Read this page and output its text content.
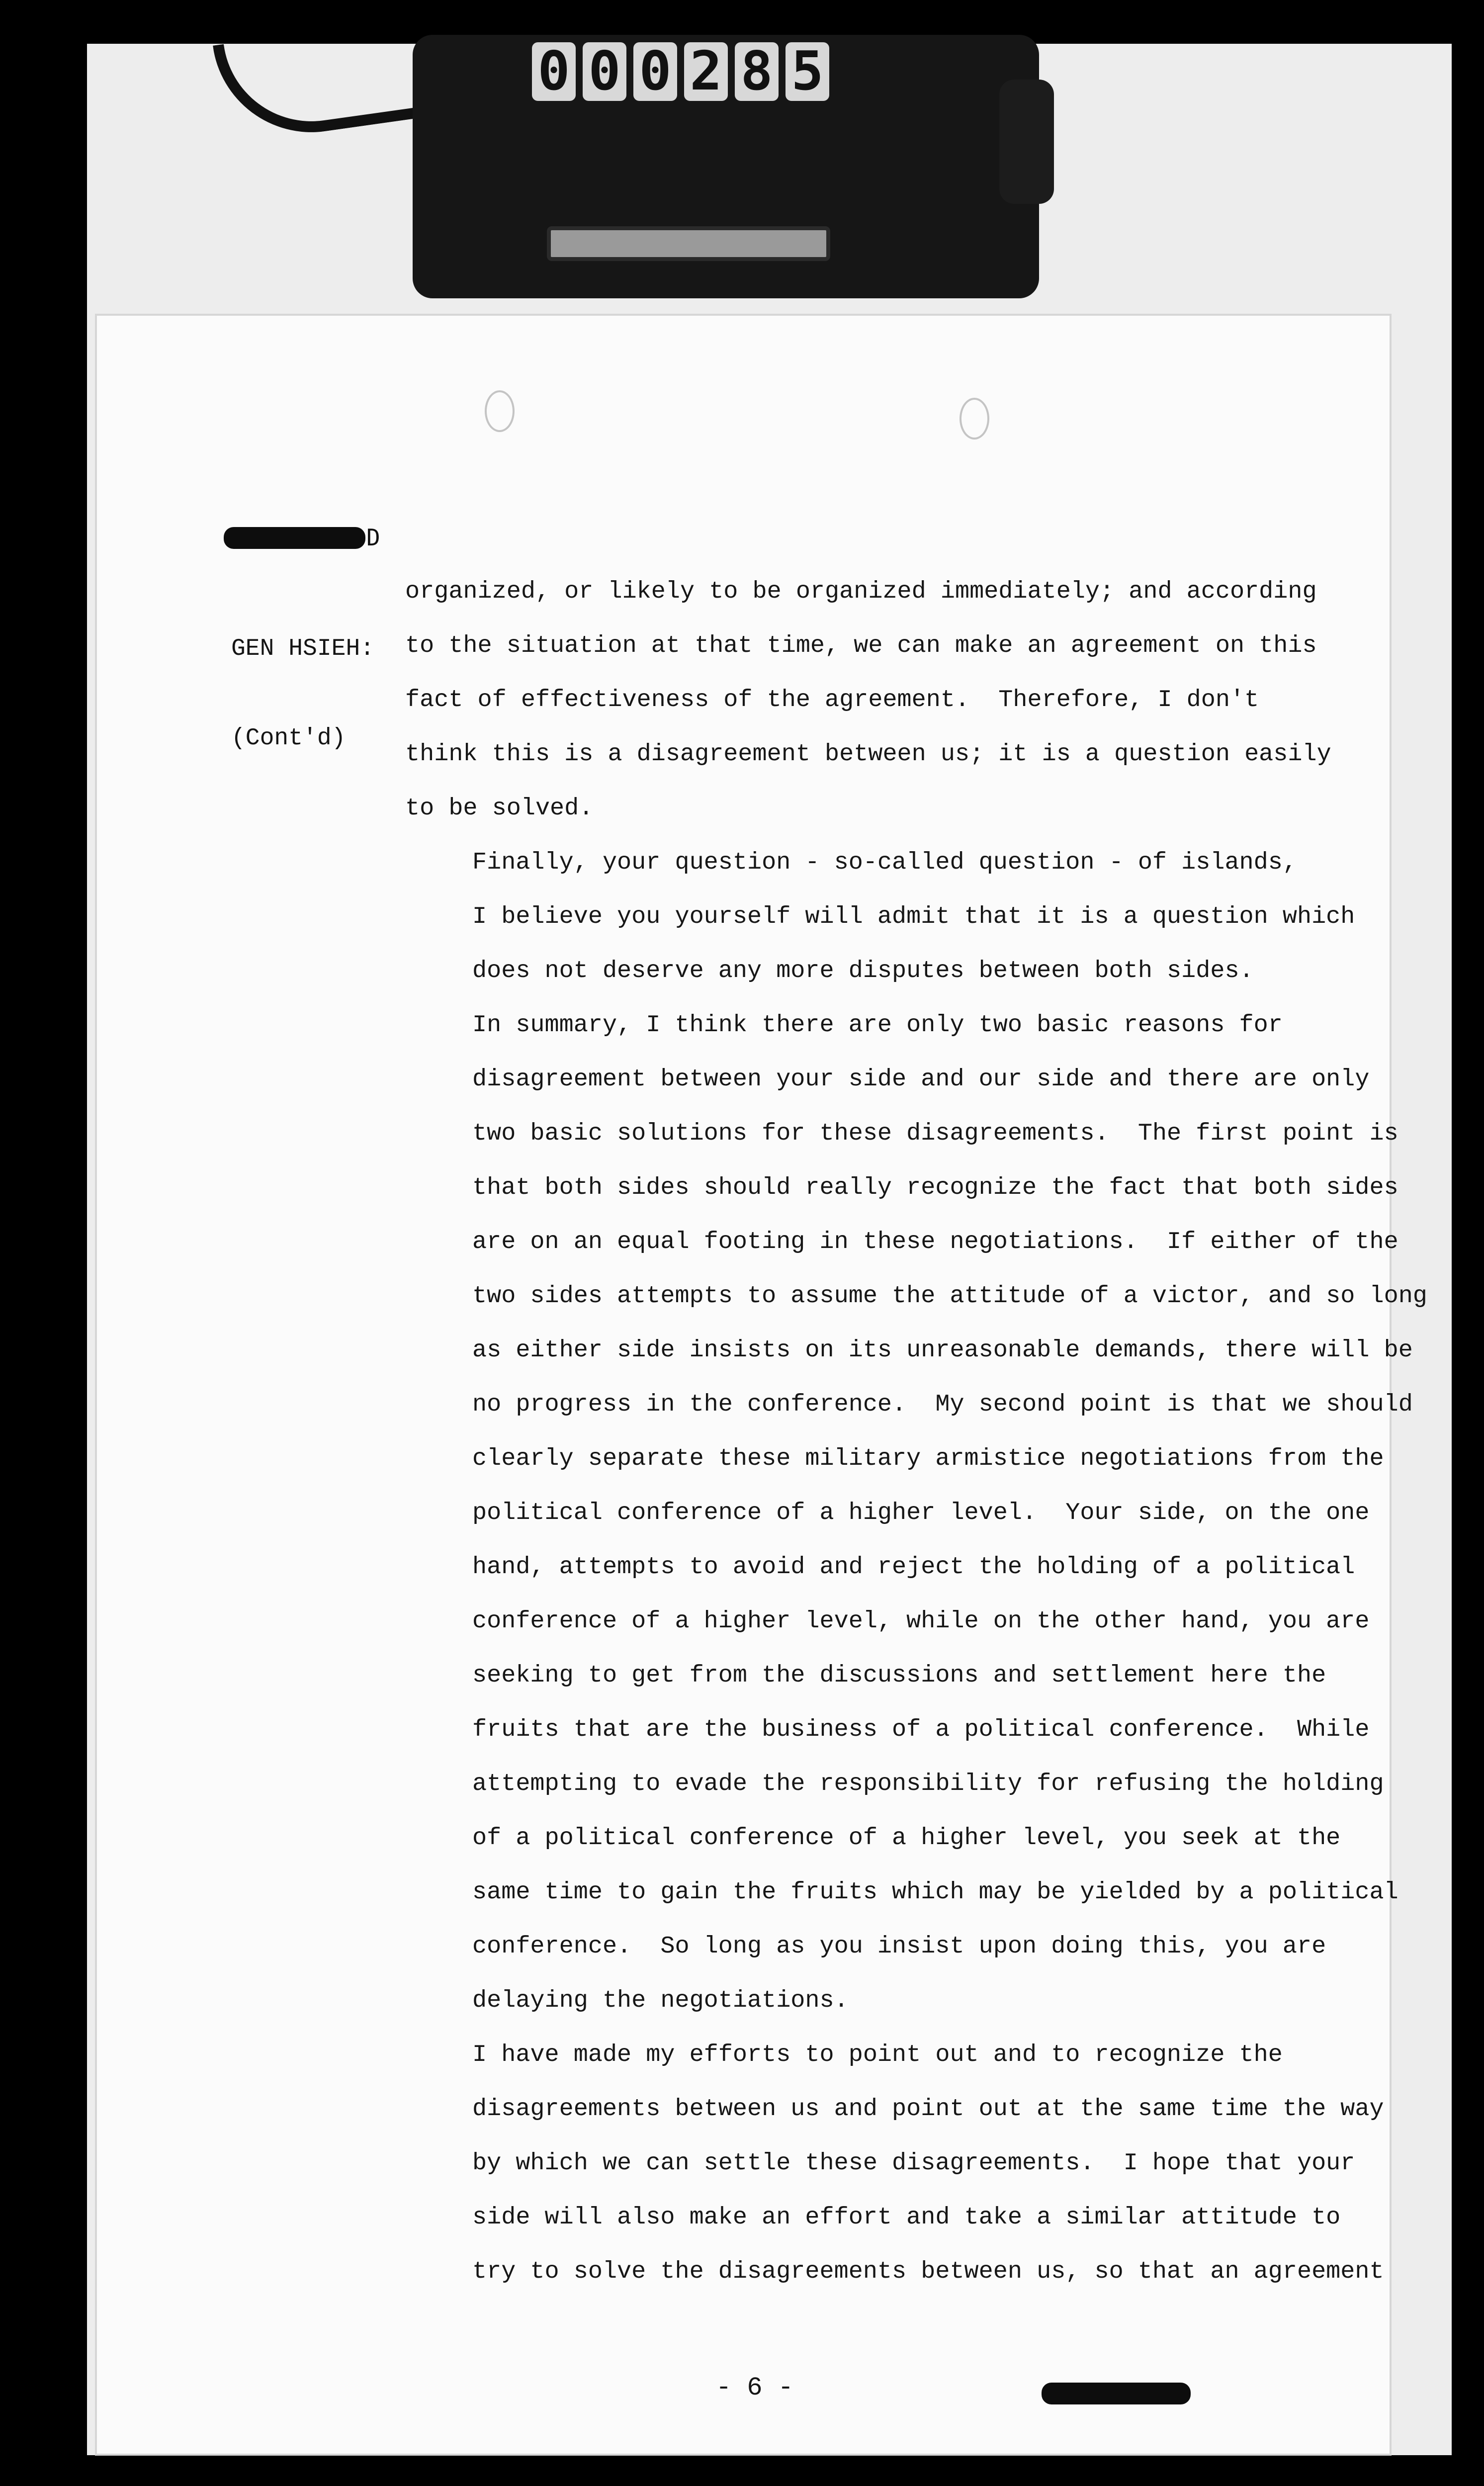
0 0 0 2 8 5
D

GEN HSIEH:

(Cont'd)

organized, or likely to be organized immediately; and according
to the situation at that time, we can make an agreement on this
fact of effectiveness of the agreement.  Therefore, I don't
think this is a disagreement between us; it is a question easily
to be solved.
Finally, your question - so-called question - of islands,
I believe you yourself will admit that it is a question which
does not deserve any more disputes between both sides.
In summary, I think there are only two basic reasons for
disagreement between your side and our side and there are only
two basic solutions for these disagreements.  The first point is
that both sides should really recognize the fact that both sides
are on an equal footing in these negotiations.  If either of the
two sides attempts to assume the attitude of a victor, and so long
as either side insists on its unreasonable demands, there will be
no progress in the conference.  My second point is that we should
clearly separate these military armistice negotiations from the
political conference of a higher level.  Your side, on the one
hand, attempts to avoid and reject the holding of a political
conference of a higher level, while on the other hand, you are
seeking to get from the discussions and settlement here the
fruits that are the business of a political conference.  While
attempting to evade the responsibility for refusing the holding
of a political conference of a higher level, you seek at the
same time to gain the fruits which may be yielded by a political
conference.  So long as you insist upon doing this, you are
delaying the negotiations.
I have made my efforts to point out and to recognize the
disagreements between us and point out at the same time the way
by which we can settle these disagreements.  I hope that your
side will also make an effort and take a similar attitude to
try to solve the disagreements between us, so that an agreement
- 6 -
